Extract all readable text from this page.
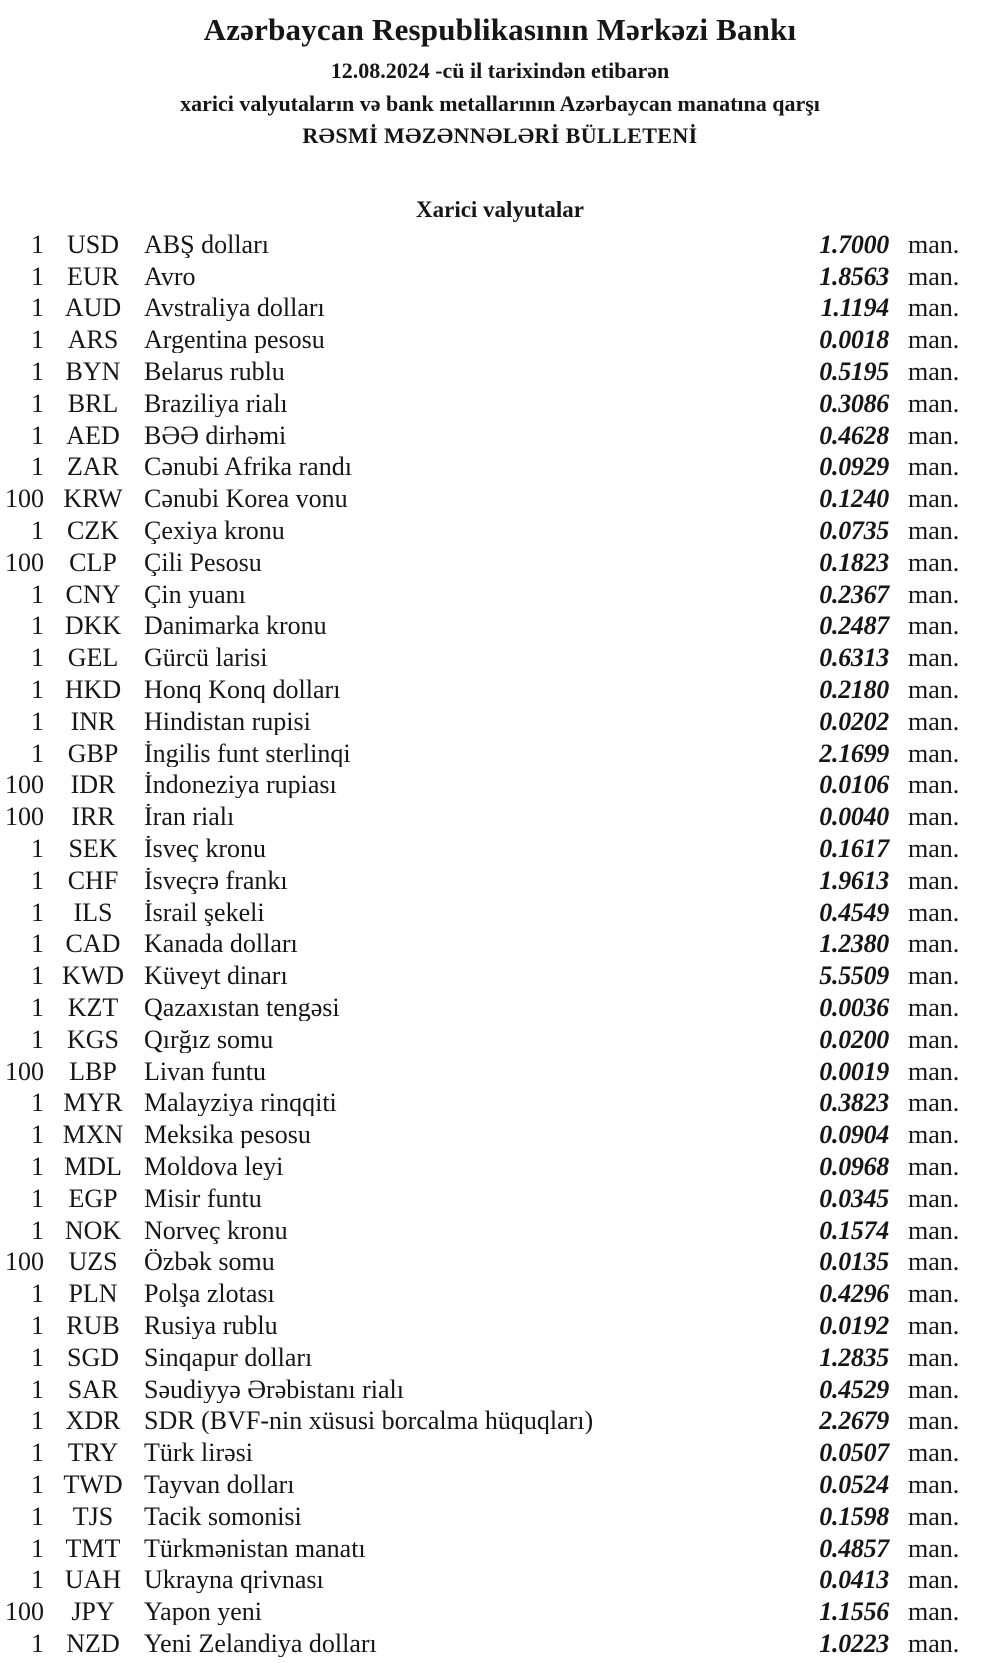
Azərbaycan Respublikasının Mərkəzi Bankı
12.08.2024 -cü il tarixindən etibarən
xarici valyutaların və bank metallarının Azərbaycan manatına qarşı
RƏSMİ MƏZƏNNƏLƏRİ BÜLLETENİ
Xarici valyutalar
1 USD ABŞ dolları	1.7000 man.
1 EUR Avro	1.8563 man.
1 AUD Avstraliya dolları	1.1194 man.
1 ARS Argentina pesosu	0.0018 man.
1 BYN Belarus rublu	0.5195 man.
1 BRL Braziliya rialı	0.3086 man.
1 AED BƏƏ dirhəmi	0.4628 man.
1 ZAR Cənubi Afrika randı	0.0929 man.
100 KRW Cənubi Korea vonu	0.1240 man.
1 CZK Çexiya kronu	0.0735 man.
100 CLP	Çili Pesosu	0.1823 man.
1 CNY Çin yuanı	0.2367 man.
1 DKK Danimarka kronu	0.2487 man.
1 GEL Gürcü larisi	0.6313 man.
1 HKD Honq Konq dolları	0.2180 man.
1	INR	Hindistan rupisi	0.0202 man.
1 GBP İngilis funt sterlinqi	2.1699 man.
100	IDR	İndoneziya rupiası	0.0106 man.
100	IRR	İran rialı	0.0040 man.
1 SEK	İsveç kronu	0.1617 man.
1 CHF İsveçrə frankı	1.9613 man.
1	ILS	İsrail şekeli	0.4549 man.
1 CAD Kanada dolları	1.2380 man.
1 KWD Küveyt dinarı	5.5509 man.
1 KZT Qazaxıstan tengəsi	0.0036 man.
1 KGS Qırğız somu	0.0200 man.
100 LBP	Livan funtu	0.0019 man.
1 MYR Malayziya rinqqiti	0.3823 man.
1 MXN Meksika pesosu	0.0904 man.
1 MDL Moldova leyi	0.0968 man.
1 EGP	Misir funtu	0.0345 man.
1 NOK Norveç kronu	0.1574 man.
100 UZS	Özbək somu	0.0135 man.
1 PLN	Polşa zlotası	0.4296 man.
1 RUB Rusiya rublu	0.0192 man.
1 SGD Sinqapur dolları	1.2835 man.
1 SAR Səudiyyə Ərəbistanı rialı	0.4529 man.
1 XDR SDR (BVF-nin xüsusi borcalma hüquqları)	2.2679 man.
1 TRY Türk lirəsi	0.0507 man.
1 TWD Tayvan dolları	0.0524 man.
1	TJS	Tacik somonisi	0.1598 man.
1 TMT Türkmənistan manatı	0.4857 man.
1 UAH Ukrayna qrivnası	0.0413 man.
100	JPY	Yapon yeni	1.1556 man.
1 NZD Yeni Zelandiya dolları	1.0223 man.
